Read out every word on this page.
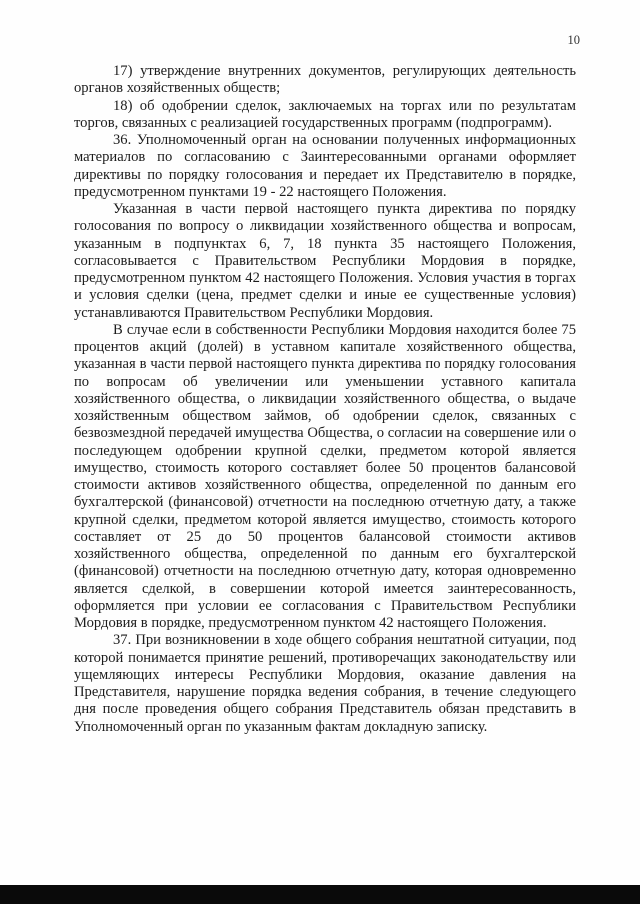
10

17) утверждение внутренних документов, регулирующих деятельность органов хозяйственных обществ;

18) об одобрении сделок, заключаемых на торгах или по результатам торгов, связанных с реализацией государственных программ (подпрограмм).

36. Уполномоченный орган на основании полученных информационных материалов по согласованию с Заинтересованными органами оформляет директивы по порядку голосования и передает их Представителю в порядке, предусмотренном пунктами 19 - 22 настоящего Положения.

Указанная в части первой настоящего пункта директива по порядку голосования по вопросу о ликвидации хозяйственного общества и вопросам, указанным в подпунктах 6, 7, 18 пункта 35 настоящего Положения, согласовывается с Правительством Республики Мордовия в порядке, предусмотренном пунктом 42 настоящего Положения. Условия участия в торгах и условия сделки (цена, предмет сделки и иные ее существенные условия) устанавливаются Правительством Республики Мордовия.

В случае если в собственности Республики Мордовия находится более 75 процентов акций (долей) в уставном капитале хозяйственного общества, указанная в части первой настоящего пункта директива по порядку голосования по вопросам об увеличении или уменьшении уставного капитала хозяйственного общества, о ликвидации хозяйственного общества, о выдаче хозяйственным обществом займов, об одобрении сделок, связанных с безвозмездной передачей имущества Общества, о согласии на совершение или о последующем одобрении крупной сделки, предметом которой является имущество, стоимость которого составляет более 50 процентов балансовой стоимости активов хозяйственного общества, определенной по данным его бухгалтерской (финансовой) отчетности на последнюю отчетную дату, а также крупной сделки, предметом которой является имущество, стоимость которого составляет от 25 до 50 процентов балансовой стоимости активов хозяйственного общества, определенной по данным его бухгалтерской (финансовой) отчетности на последнюю отчетную дату, которая одновременно является сделкой, в совершении которой имеется заинтересованность, оформляется при условии ее согласования с Правительством Республики Мордовия в порядке, предусмотренном пунктом 42 настоящего Положения.

37. При возникновении в ходе общего собрания нештатной ситуации, под которой понимается принятие решений, противоречащих законодательству или ущемляющих интересы Республики Мордовия, оказание давления на Представителя, нарушение порядка ведения собрания, в течение следующего дня после проведения общего собрания Представитель обязан представить в Уполномоченный орган по указанным фактам докладную записку.
